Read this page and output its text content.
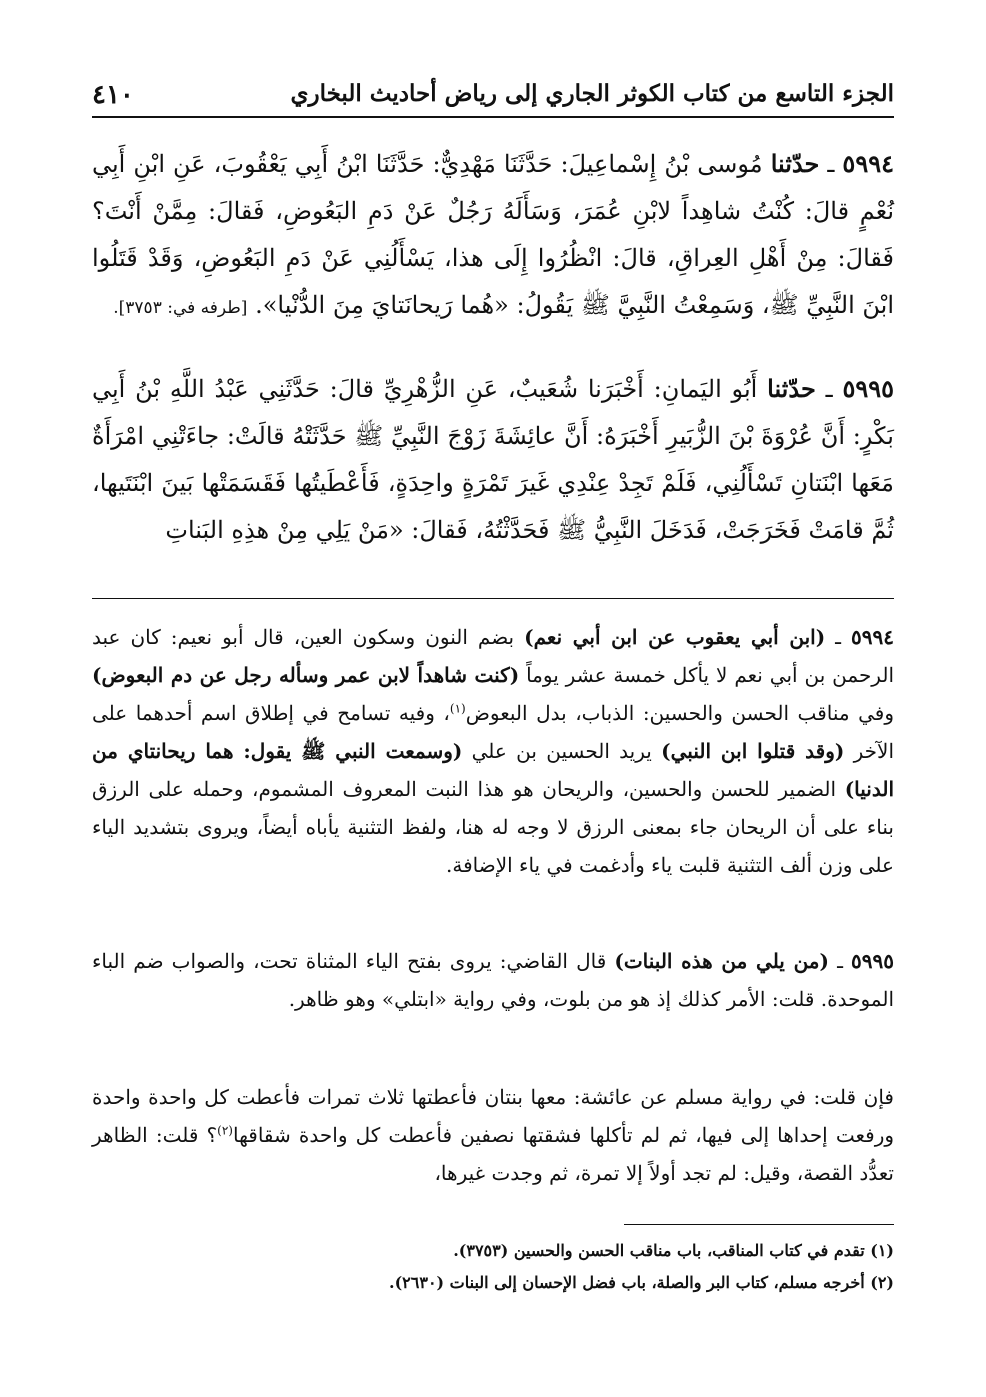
الجزء التاسع من كتاب الكوثر الجاري إلى رياض أحاديث البخاري
٤١٠

٥٩٩٤ ـ حدّثنا مُوسى بْنُ إِسْماعِيلَ: حَدَّثَنَا مَهْدِيٌّ: حَدَّثَنَا ابْنُ أَبِي يَعْقُوبَ، عَنِ ابْنِ أَبِي نُعْمٍ قالَ: كُنْتُ شاهِداً لابْنِ عُمَرَ، وَسَأَلَهُ رَجُلٌ عَنْ دَمِ البَعُوضِ، فَقالَ: مِمَّنْ أَنْتَ؟ فَقالَ: مِنْ أَهْلِ العِراقِ، قالَ: انْظُرُوا إِلَى هذا، يَسْأَلُنِي عَنْ دَمِ البَعُوضِ، وَقَدْ قَتَلُوا ابْنَ النَّبِيِّ ﷺ، وَسَمِعْتُ النَّبِيَّ ﷺ يَقُولُ: «هُما رَيحانَتايَ مِنَ الدُّنْيا». [طرفه في: ٣٧٥٣].

٥٩٩٥ ـ حدّثنا أَبُو اليَمانِ: أَخْبَرَنا شُعَيبٌ، عَنِ الزُّهْرِيِّ قالَ: حَدَّثَنِي عَبْدُ اللَّهِ بْنُ أَبِي بَكْرٍ: أَنَّ عُرْوَةَ بْنَ الزُّبَيرِ أَخْبَرَهُ: أَنَّ عائِشَةَ زَوْجَ النَّبِيِّ ﷺ حَدَّثَتْهُ قالَتْ: جاءَتْنِي امْرَأَةٌ مَعَها ابْنَتانِ تَسْأَلُنِي، فَلَمْ تَجِدْ عِنْدِي غَيرَ تَمْرَةٍ واحِدَةٍ، فَأَعْطَيتُها فَقَسَمَتْها بَينَ ابْنَتَيها، ثُمَّ قامَتْ فَخَرَجَتْ، فَدَخَلَ النَّبِيُّ ﷺ فَحَدَّثْتُهُ، فَقالَ: «مَنْ يَلِي مِنْ هذِهِ البَناتِ

٥٩٩٤ ـ (ابن أبي يعقوب عن ابن أبي نعم) بضم النون وسكون العين، قال أبو نعيم: كان عبد الرحمن بن أبي نعم لا يأكل خمسة عشر يوماً (كنت شاهداً لابن عمر وسأله رجل عن دم البعوض) وفي مناقب الحسن والحسين: الذباب، بدل البعوض$^{(١)}$، وفيه تسامح في إطلاق اسم أحدهما على الآخر (وقد قتلوا ابن النبي) يريد الحسين بن علي (وسمعت النبي ﷺ يقول: هما ريحانتاي من الدنيا) الضمير للحسن والحسين، والريحان هو هذا النبت المعروف المشموم، وحمله على الرزق بناء على أن الريحان جاء بمعنى الرزق لا وجه له هنا، ولفظ التثنية يأباه أيضاً، ويروى بتشديد الياء على وزن ألف التثنية قلبت ياء وأدغمت في ياء الإضافة.

٥٩٩٥ ـ (من يلي من هذه البنات) قال القاضي: يروى بفتح الياء المثناة تحت، والصواب ضم الباء الموحدة. قلت: الأمر كذلك إذ هو من بلوت، وفي رواية «ابتلي» وهو ظاهر.

فإن قلت: في رواية مسلم عن عائشة: معها بنتان فأعطتها ثلاث تمرات فأعطت كل واحدة واحدة ورفعت إحداها إلى فيها، ثم لم تأكلها فشقتها نصفين فأعطت كل واحدة شقاقها$^{(٢)}$؟ قلت: الظاهر تعدُّد القصة، وقيل: لم تجد أولاً إلا تمرة، ثم وجدت غيرها،

(١) تقدم في كتاب المناقب، باب مناقب الحسن والحسين (٣٧٥٣).
(٢) أخرجه مسلم، كتاب البر والصلة، باب فضل الإحسان إلى البنات (٢٦٣٠).
